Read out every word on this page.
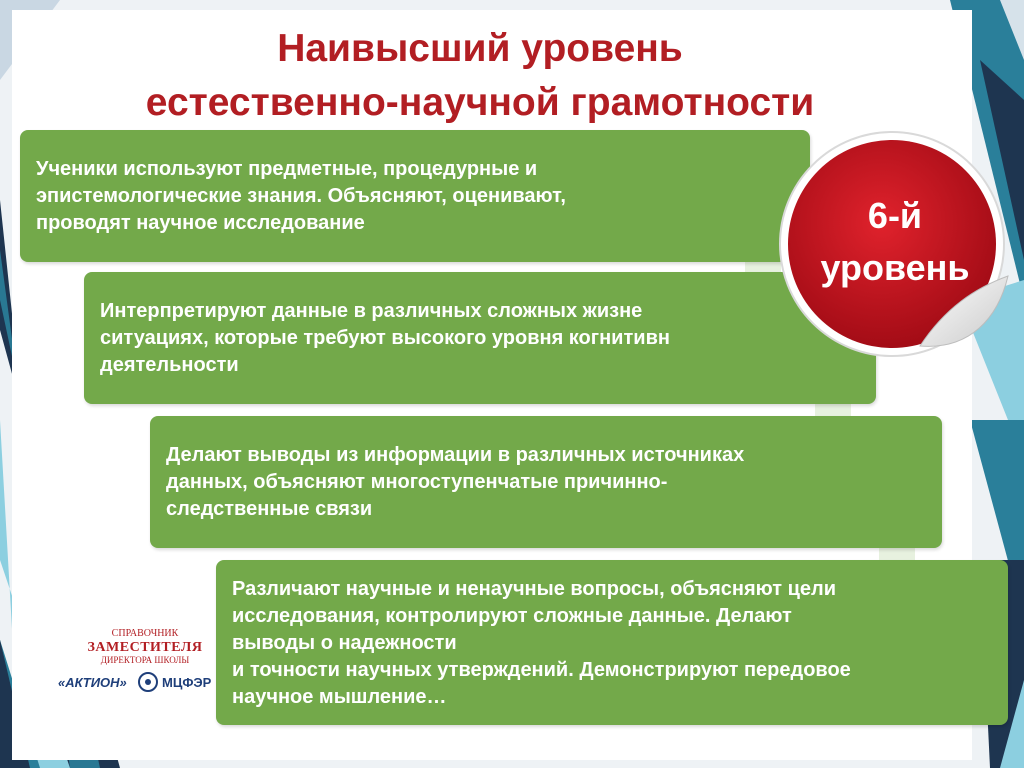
Наивысший уровень
естественно-научной грамотности
Ученики используют предметные, процедурные и
эпистемологические знания. Объясняют, оценивают,
проводят научное исследование
Интерпретируют данные в различных сложных жизне
ситуациях, которые требуют высокого уровня когнитивн
деятельности
Делают выводы из информации в различных источниках
данных, объясняют многоступенчатые причинно-
следственные связи
Различают научные и ненаучные вопросы, объясняют цели
исследования, контролируют сложные данные. Делают
выводы о надежности
и точности научных утверждений. Демонстрируют передовое
научное мышление…
6-й
уровень
СПРАВОЧНИК
ЗАМЕСТИТЕЛЯ
ДИРЕКТОРА ШКОЛЫ
«АКТИОН»	МЦФЭР
